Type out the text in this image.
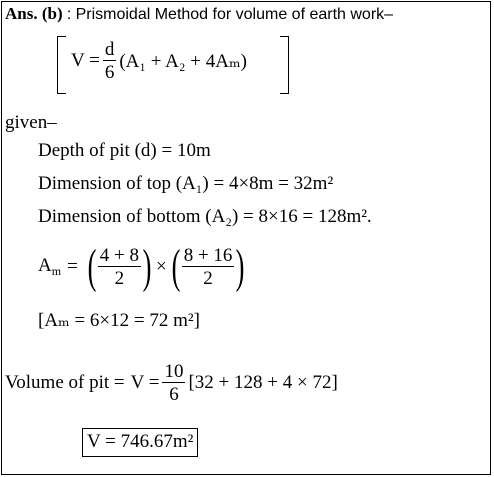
Ans. (b) : Prismoidal Method for volume of earth work–
$V = \frac{d}{6} (A_1 + A_2 + 4A_m)$
given–
Depth of pit (d) = 10m
Dimension of top (A₁) = 4×8m = 32m²
Dimension of bottom (A₂) = 8×16 = 128m².
$A_m$ = ( $\frac{4 + 8}{2}$ ) × ( $\frac{8 + 16}{2}$ )
[Aₘ = 6×12 = 72 m²]
Volume of pit = $V = \frac{10}{6} [32 + 128 + 4 \times 72]$
V = 746.67m²
